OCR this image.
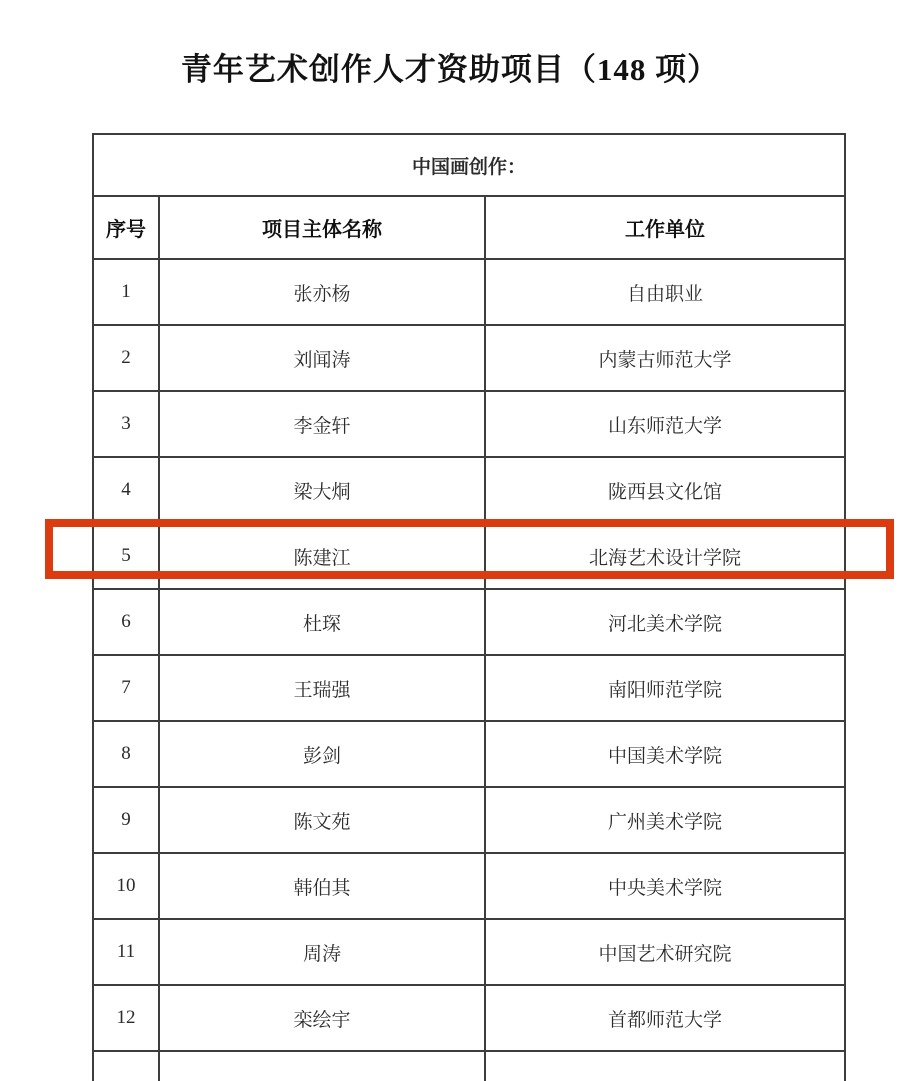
青年艺术创作人才资助项目（148 项）
中国画创作：		
序号	项目主体名称	工作单位
1	张亦杨	自由职业
2	刘闻涛	内蒙古师范大学
3	李金轩	山东师范大学
4	梁大烔	陇西县文化馆
5	陈建江	北海艺术设计学院
6	杜琛	河北美术学院
7	王瑞强	南阳师范学院
8	彭剑	中国美术学院
9	陈文苑	广州美术学院
10	韩伯其	中央美术学院
11	周涛	中国艺术研究院
12	栾绘宇	首都师范大学
